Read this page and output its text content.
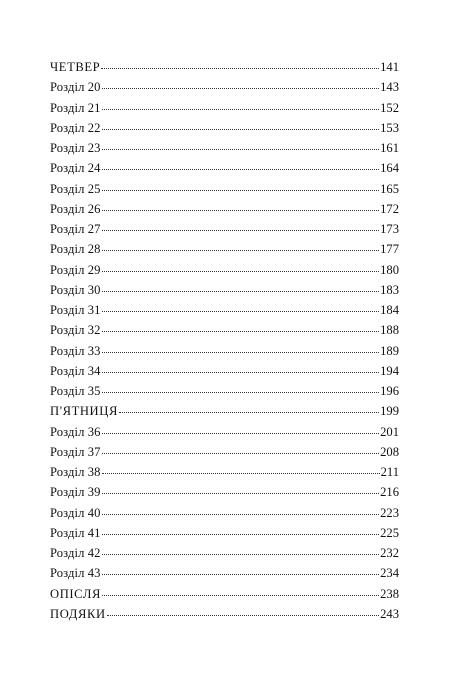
ЧЕТВЕР	141
Розділ 20	143
Розділ 21	152
Розділ 22	153
Розділ 23	161
Розділ 24	164
Розділ 25	165
Розділ 26	172
Розділ 27	173
Розділ 28	177
Розділ 29	180
Розділ 30	183
Розділ 31	184
Розділ 32	188
Розділ 33	189
Розділ 34	194
Розділ 35	196
П'ЯТНИЦЯ	199
Розділ 36	201
Розділ 37	208
Розділ 38	211
Розділ 39	216
Розділ 40	223
Розділ 41	225
Розділ 42	232
Розділ 43	234
ОПІСЛЯ	238
ПОДЯКИ	243
